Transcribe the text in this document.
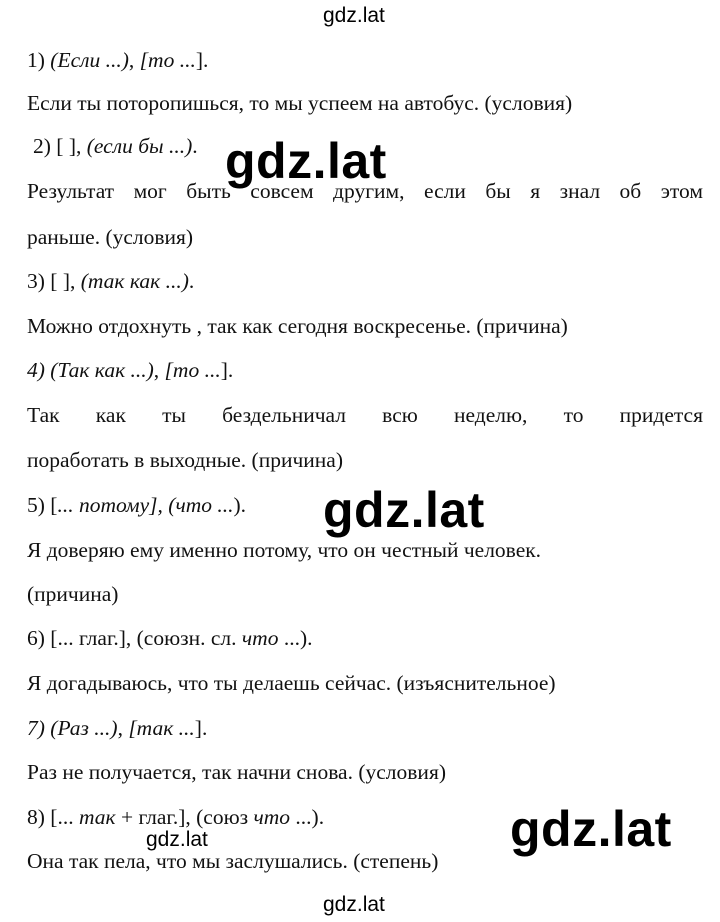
gdz.lat
1) (Если ...), [то ...].
Если ты поторопишься, то мы успеем на автобус. (условия)
2) [ ], (если бы ...).
Результат мог быть совсем другим, если бы я знал об этом
раньше. (условия)
3) [ ], (так как ...).
Можно отдохнуть , так как сегодня воскресенье. (причина)
4) (Так как ...), [то ...].
Так как ты бездельничал всю неделю, то придется
поработать в выходные. (причина)
5) [... потому], (что ...).
Я доверяю ему именно потому, что он честный человек.
(причина)
6) [... глаг.], (союзн. сл. что ...).
Я догадываюсь, что ты делаешь сейчас. (изъяснительное)
7) (Раз ...), [так ...].
Раз не получается, так начни снова. (условия)
8) [... так + глаг.], (союз что ...).
Она так пела, что мы заслушались. (степень)
gdz.lat
gdz.lat
gdz.lat	gdz.lat
gdz.lat
